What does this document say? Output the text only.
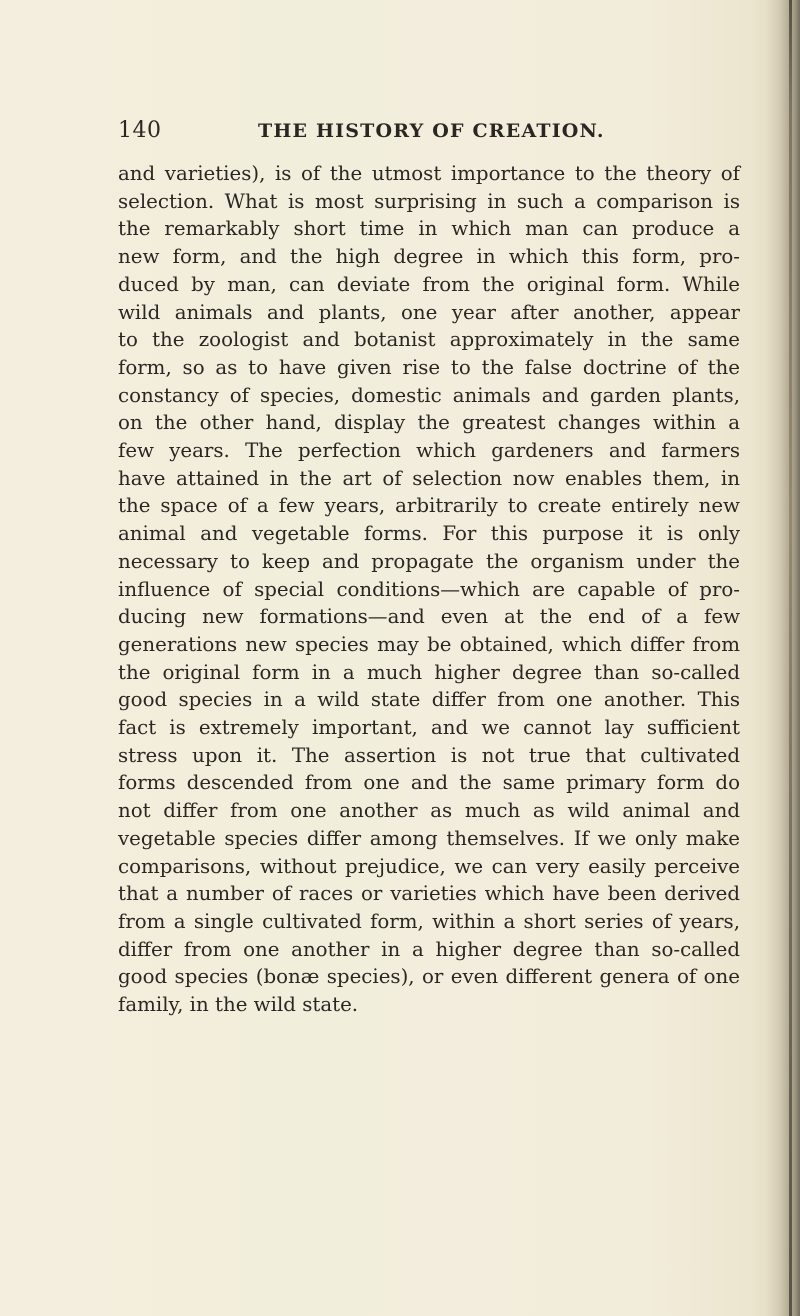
140	THE HISTORY OF CREATION.
and varieties), is of the utmost importance to the theory of
selection. What is most surprising in such a comparison is
the remarkably short time in which man can produce a
new form, and the high degree in which this form, pro-
duced by man, can deviate from the original form. While
wild animals and plants, one year after another, appear
to the zoologist and botanist approximately in the same
form, so as to have given rise to the false doctrine of the
constancy of species, domestic animals and garden plants,
on the other hand, display the greatest changes within a
few years. The perfection which gardeners and farmers
have attained in the art of selection now enables them, in
the space of a few years, arbitrarily to create entirely new
animal and vegetable forms. For this purpose it is only
necessary to keep and propagate the organism under the
influence of special conditions—which are capable of pro-
ducing new formations—and even at the end of a few
generations new species may be obtained, which differ from
the original form in a much higher degree than so-called
good species in a wild state differ from one another. This
fact is extremely important, and we cannot lay sufficient
stress upon it. The assertion is not true that cultivated
forms descended from one and the same primary form do
not differ from one another as much as wild animal and
vegetable species differ among themselves. If we only make
comparisons, without prejudice, we can very easily perceive
that a number of races or varieties which have been derived
from a single cultivated form, within a short series of years,
differ from one another in a higher degree than so-called
good species (bonæ species), or even different genera of one
family, in the wild state.
